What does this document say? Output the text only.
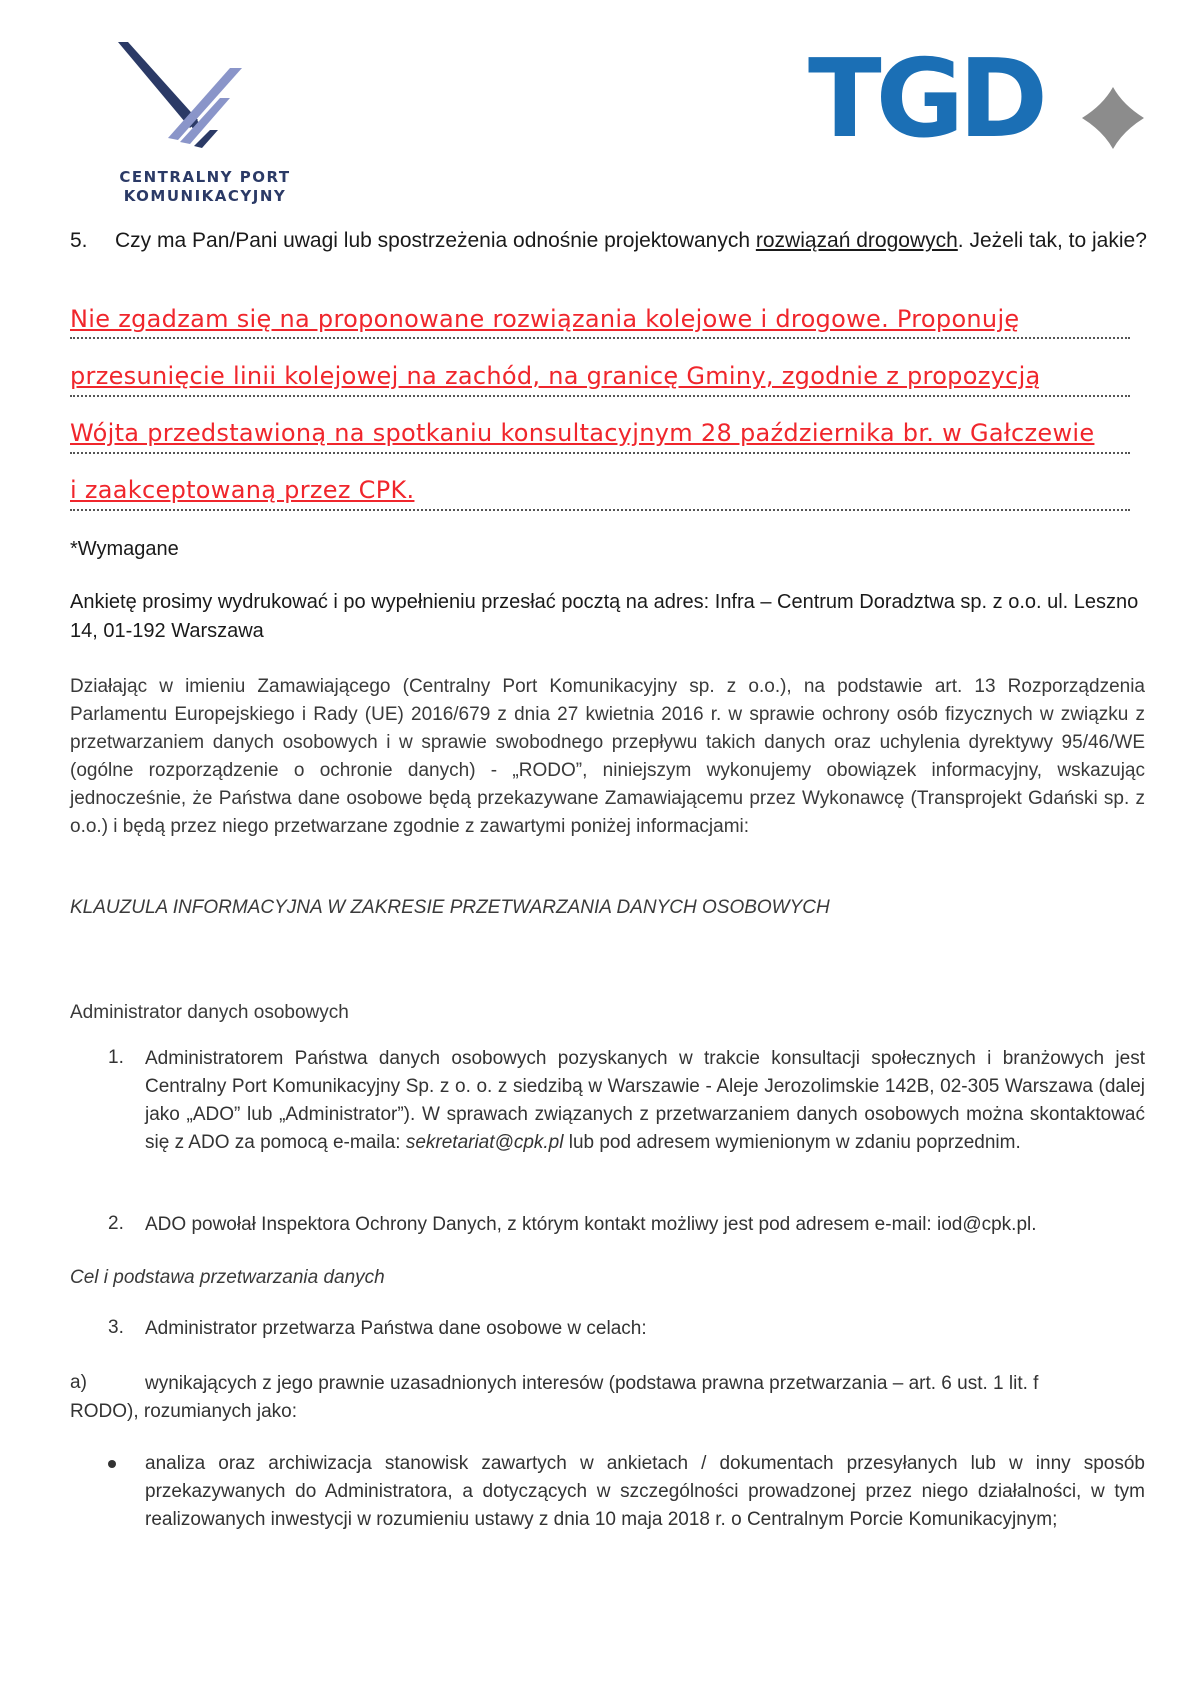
CENTRALNY PORT
KOMUNIKACYJNY
TGD
5. Czy ma Pan/Pani uwagi lub spostrzeżenia odnośnie projektowanych rozwiązań drogowych. Jeżeli tak, to jakie?
Nie zgadzam się na proponowane rozwiązania kolejowe i drogowe. Proponuję
przesunięcie linii kolejowej na zachód, na granicę Gminy, zgodnie z propozycją
Wójta przedstawioną na spotkaniu konsultacyjnym 28 października br. w Gałczewie
i zaakceptowaną przez CPK.
*Wymagane
Ankietę prosimy wydrukować i po wypełnieniu przesłać pocztą na adres: Infra – Centrum Doradztwa sp. z o.o. ul. Leszno 14, 01-192 Warszawa
Działając w imieniu Zamawiającego (Centralny Port Komunikacyjny sp. z o.o.), na podstawie art. 13 Rozporządzenia Parlamentu Europejskiego i Rady (UE) 2016/679 z dnia 27 kwietnia 2016 r. w sprawie ochrony osób fizycznych w związku z przetwarzaniem danych osobowych i w sprawie swobodnego przepływu takich danych oraz uchylenia dyrektywy 95/46/WE (ogólne rozporządzenie o ochronie danych) - „RODO”, niniejszym wykonujemy obowiązek informacyjny, wskazując jednocześnie, że Państwa dane osobowe będą przekazywane Zamawiającemu przez Wykonawcę (Transprojekt Gdański sp. z o.o.) i będą przez niego przetwarzane zgodnie z zawartymi poniżej informacjami:
KLAUZULA INFORMACYJNA W ZAKRESIE PRZETWARZANIA DANYCH OSOBOWYCH
Administrator danych osobowych
1. Administratorem Państwa danych osobowych pozyskanych w trakcie konsultacji społecznych i branżowych jest Centralny Port Komunikacyjny Sp. z o. o. z siedzibą w Warszawie - Aleje Jerozolimskie 142B, 02-305 Warszawa (dalej jako „ADO” lub „Administrator”). W sprawach związanych z przetwarzaniem danych osobowych można skontaktować się z ADO za pomocą e-maila: sekretariat@cpk.pl lub pod adresem wymienionym w zdaniu poprzednim.
2. ADO powołał Inspektora Ochrony Danych, z którym kontakt możliwy jest pod adresem e-mail: iod@cpk.pl.
Cel i podstawa przetwarzania danych
3. Administrator przetwarza Państwa dane osobowe w celach:
a)	wynikających z jego prawnie uzasadnionych interesów (podstawa prawna przetwarzania – art. 6 ust. 1 lit. f
RODO), rozumianych jako:
analiza oraz archiwizacja stanowisk zawartych w ankietach / dokumentach przesyłanych lub w inny sposób przekazywanych do Administratora, a dotyczących w szczególności prowadzonej przez niego działalności, w tym realizowanych inwestycji w rozumieniu ustawy z dnia 10 maja 2018 r. o Centralnym Porcie Komunikacyjnym;
